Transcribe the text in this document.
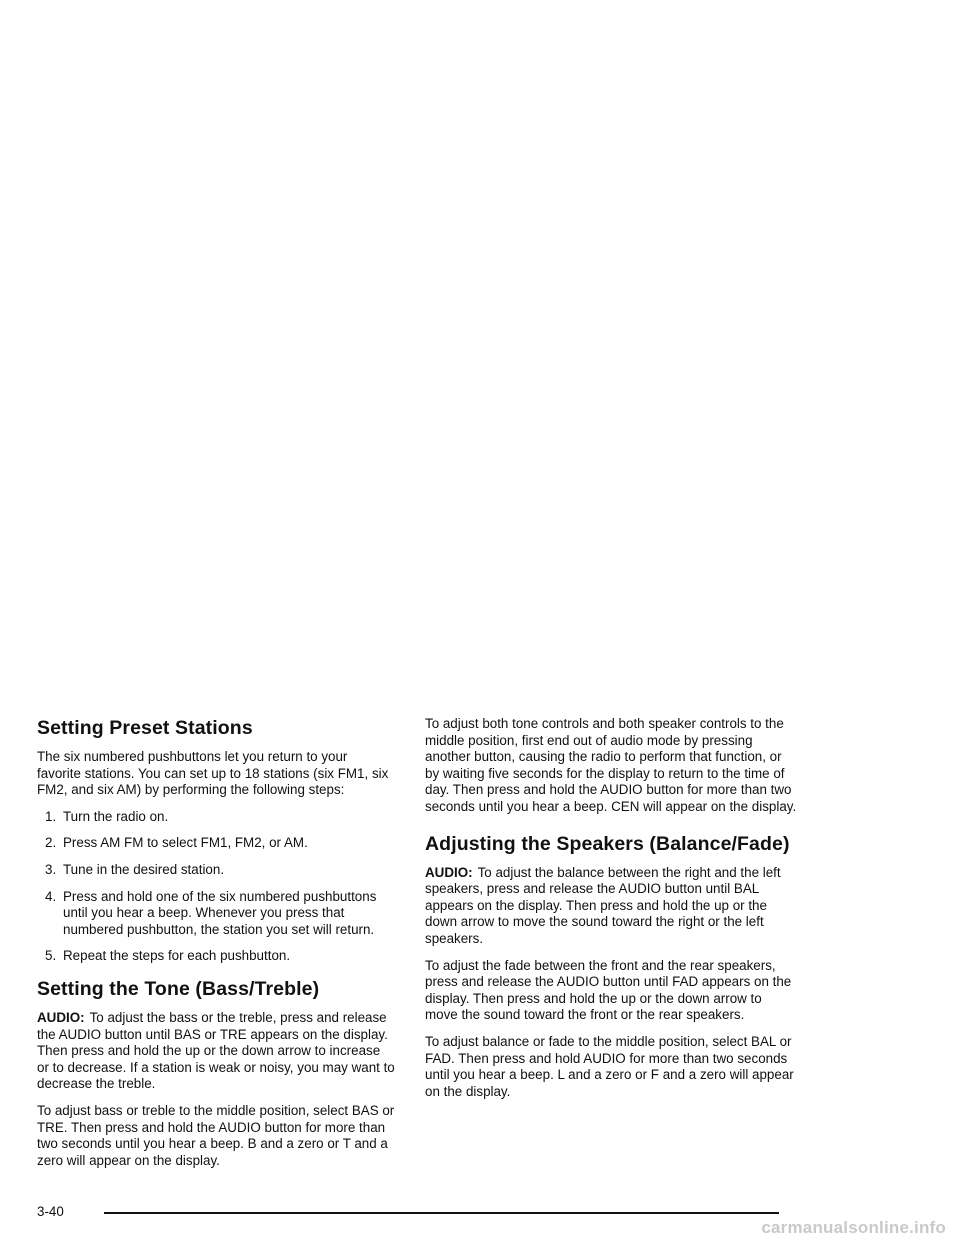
Setting Preset Stations

The six numbered pushbuttons let you return to your favorite stations. You can set up to 18 stations (six FM1, six FM2, and six AM) by performing the following steps:

1. Turn the radio on.
2. Press AM FM to select FM1, FM2, or AM.
3. Tune in the desired station.
4. Press and hold one of the six numbered pushbuttons until you hear a beep. Whenever you press that numbered pushbutton, the station you set will return.
5. Repeat the steps for each pushbutton.
Setting the Tone (Bass/Treble)

AUDIO: To adjust the bass or the treble, press and release the AUDIO button until BAS or TRE appears on the display. Then press and hold the up or the down arrow to increase or to decrease. If a station is weak or noisy, you may want to decrease the treble.

To adjust bass or treble to the middle position, select BAS or TRE. Then press and hold the AUDIO button for more than two seconds until you hear a beep. B and a zero or T and a zero will appear on the display.

To adjust both tone controls and both speaker controls to the middle position, first end out of audio mode by pressing another button, causing the radio to perform that function, or by waiting five seconds for the display to return to the time of day. Then press and hold the AUDIO button for more than two seconds until you hear a beep. CEN will appear on the display.

Adjusting the Speakers (Balance/Fade)

AUDIO: To adjust the balance between the right and the left speakers, press and release the AUDIO button until BAL appears on the display. Then press and hold the up or the down arrow to move the sound toward the right or the left speakers.

To adjust the fade between the front and the rear speakers, press and release the AUDIO button until FAD appears on the display. Then press and hold the up or the down arrow to move the sound toward the front or the rear speakers.

To adjust balance or fade to the middle position, select BAL or FAD. Then press and hold AUDIO for more than two seconds until you hear a beep. L and a zero or F and a zero will appear on the display.

3-40
carmanualsonline.info
